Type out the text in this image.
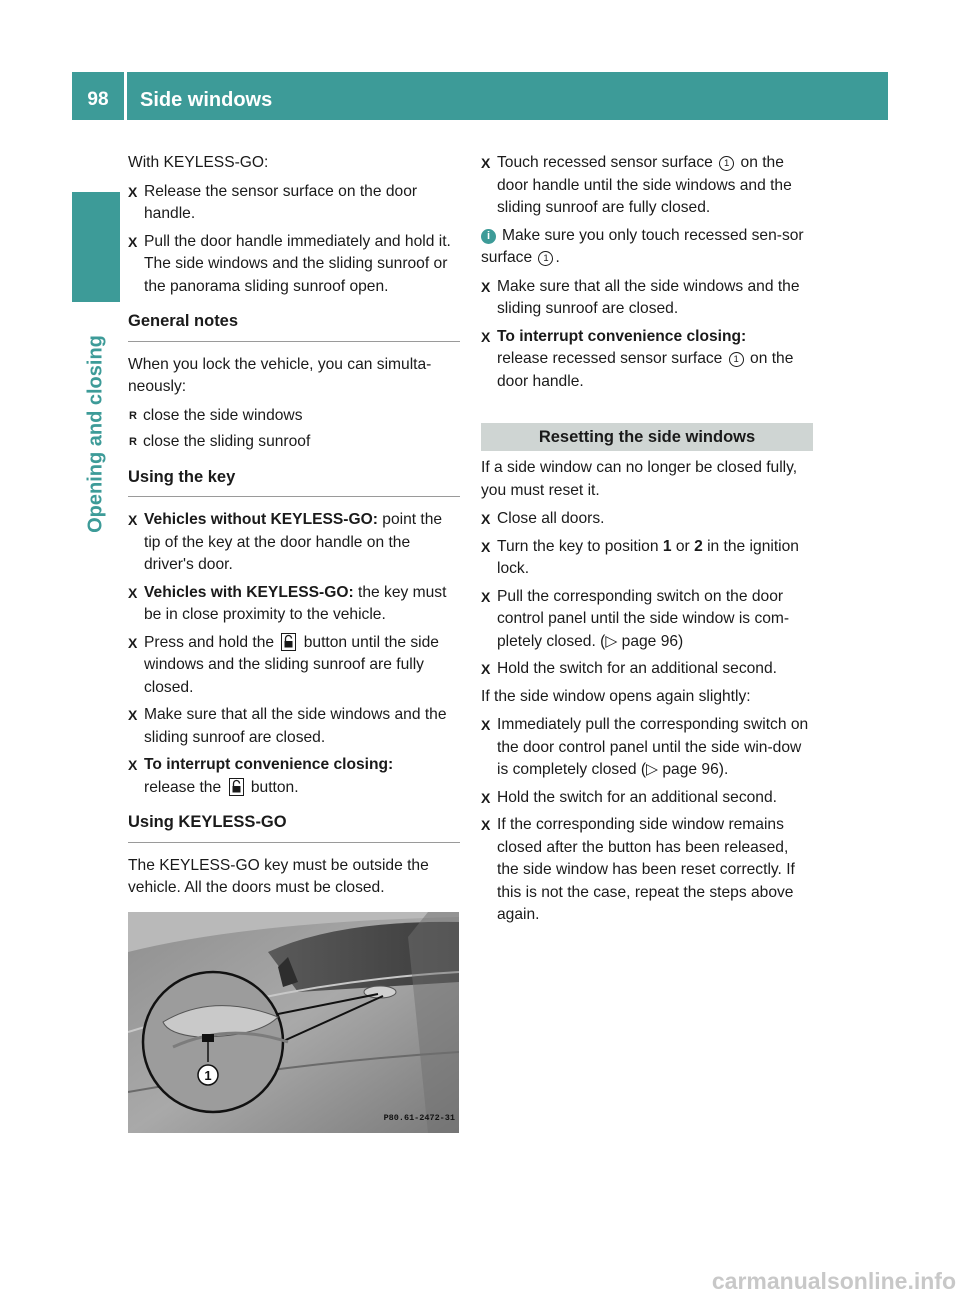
98	Side windows
Opening and closing

With KEYLESS-GO:

X Release the sensor surface on the door handle.
X Pull the door handle immediately and hold it.
The side windows and the sliding sunroof or the panorama sliding sunroof open.
General notes

When you lock the vehicle, you can simulta-neously:

R close the side windows
R close the sliding sunroof
Using the key
X Vehicles without KEYLESS-GO: point the tip of the key at the door handle on the driver's door.
X Vehicles with KEYLESS-GO: the key must be in close proximity to the vehicle.
X Press and hold the button until the side windows and the sliding sunroof are fully closed.
X Make sure that all the side windows and the sliding sunroof are closed.
X To interrupt convenience closing:
release the button.
Using KEYLESS-GO

The KEYLESS-GO key must be outside the vehicle. All the doors must be closed.

1
P80.61-2472-31
X Touch recessed sensor surface 1 on the door handle until the side windows and the sliding sunroof are fully closed.

i Make sure you only touch recessed sen-sor surface 1 .

X Make sure that all the side windows and the sliding sunroof are closed.
X To interrupt convenience closing:
release recessed sensor surface 1 on the door handle.
Resetting the side windows

If a side window can no longer be closed fully, you must reset it.

X Close all doors.
X Turn the key to position 1 or 2 in the ignition lock.
X Pull the corresponding switch on the door control panel until the side window is com-pletely closed. (▷ page 96)
X Hold the switch for an additional second.

If the side window opens again slightly:

X Immediately pull the corresponding switch on the door control panel until the side win-dow is completely closed (▷ page 96).
X Hold the switch for an additional second.
X If the corresponding side window remains closed after the button has been released, the side window has been reset correctly. If this is not the case, repeat the steps above again.
carmanualsonline.info
